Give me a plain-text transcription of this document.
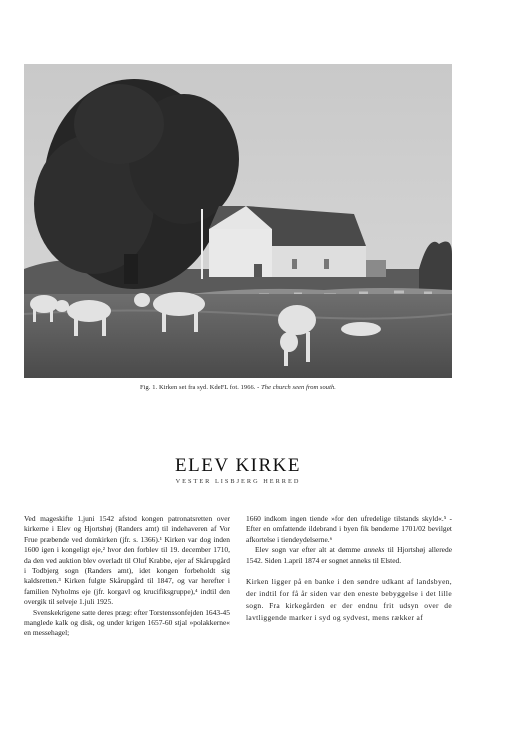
Fig. 1. Kirken set fra syd. KdeFL fot. 1966. - The church seen from south.
ELEV KIRKE
VESTER LISBJERG HERRED

Ved mageskifte 1.juni 1542 afstod kongen patronatsretten over kirkerne i Elev og Hjortshøj (Randers amt) til indehaveren af Vor Frue præbende ved domkirken (jfr. s. 1366).¹ Kirken var dog inden 1600 igen i kongeligt eje,² hvor den forblev til 19. december 1710, da den ved auktion blev overladt til Oluf Krabbe, ejer af Skårupgård i Todbjerg sogn (Randers amt), idet kongen forbeholdt sig kaldsretten.³ Kirken fulgte Skårupgård til 1847, og var herefter i familien Nyholms eje (jfr. korgavl og krucifiksgruppe),⁴ indtil den overgik til selveje 1.juli 1925.

Svenskekrigene satte deres præg: efter Torstenssonfejden 1643-45 manglede kalk og disk, og under krigen 1657-60 stjal »polakkerne« en messehagel;

1660 indkom ingen tiende »for den ufredelige tilstands skyld«.⁵ - Efter en omfattende ildebrand i byen fik bønderne 1701/02 bevilget afkortelse i tiendeydelserne.⁶

Elev sogn var efter alt at dømme anneks til Hjortshøj allerede 1542. Siden 1.april 1874 er sognet anneks til Elsted.

Kirken ligger på en banke i den søndre udkant af landsbyen, der indtil for få år siden var den eneste bebyggelse i det lille sogn. Fra kirkegården er der endnu frit udsyn over de lavtliggende marker i syd og sydvest, mens rækker af
